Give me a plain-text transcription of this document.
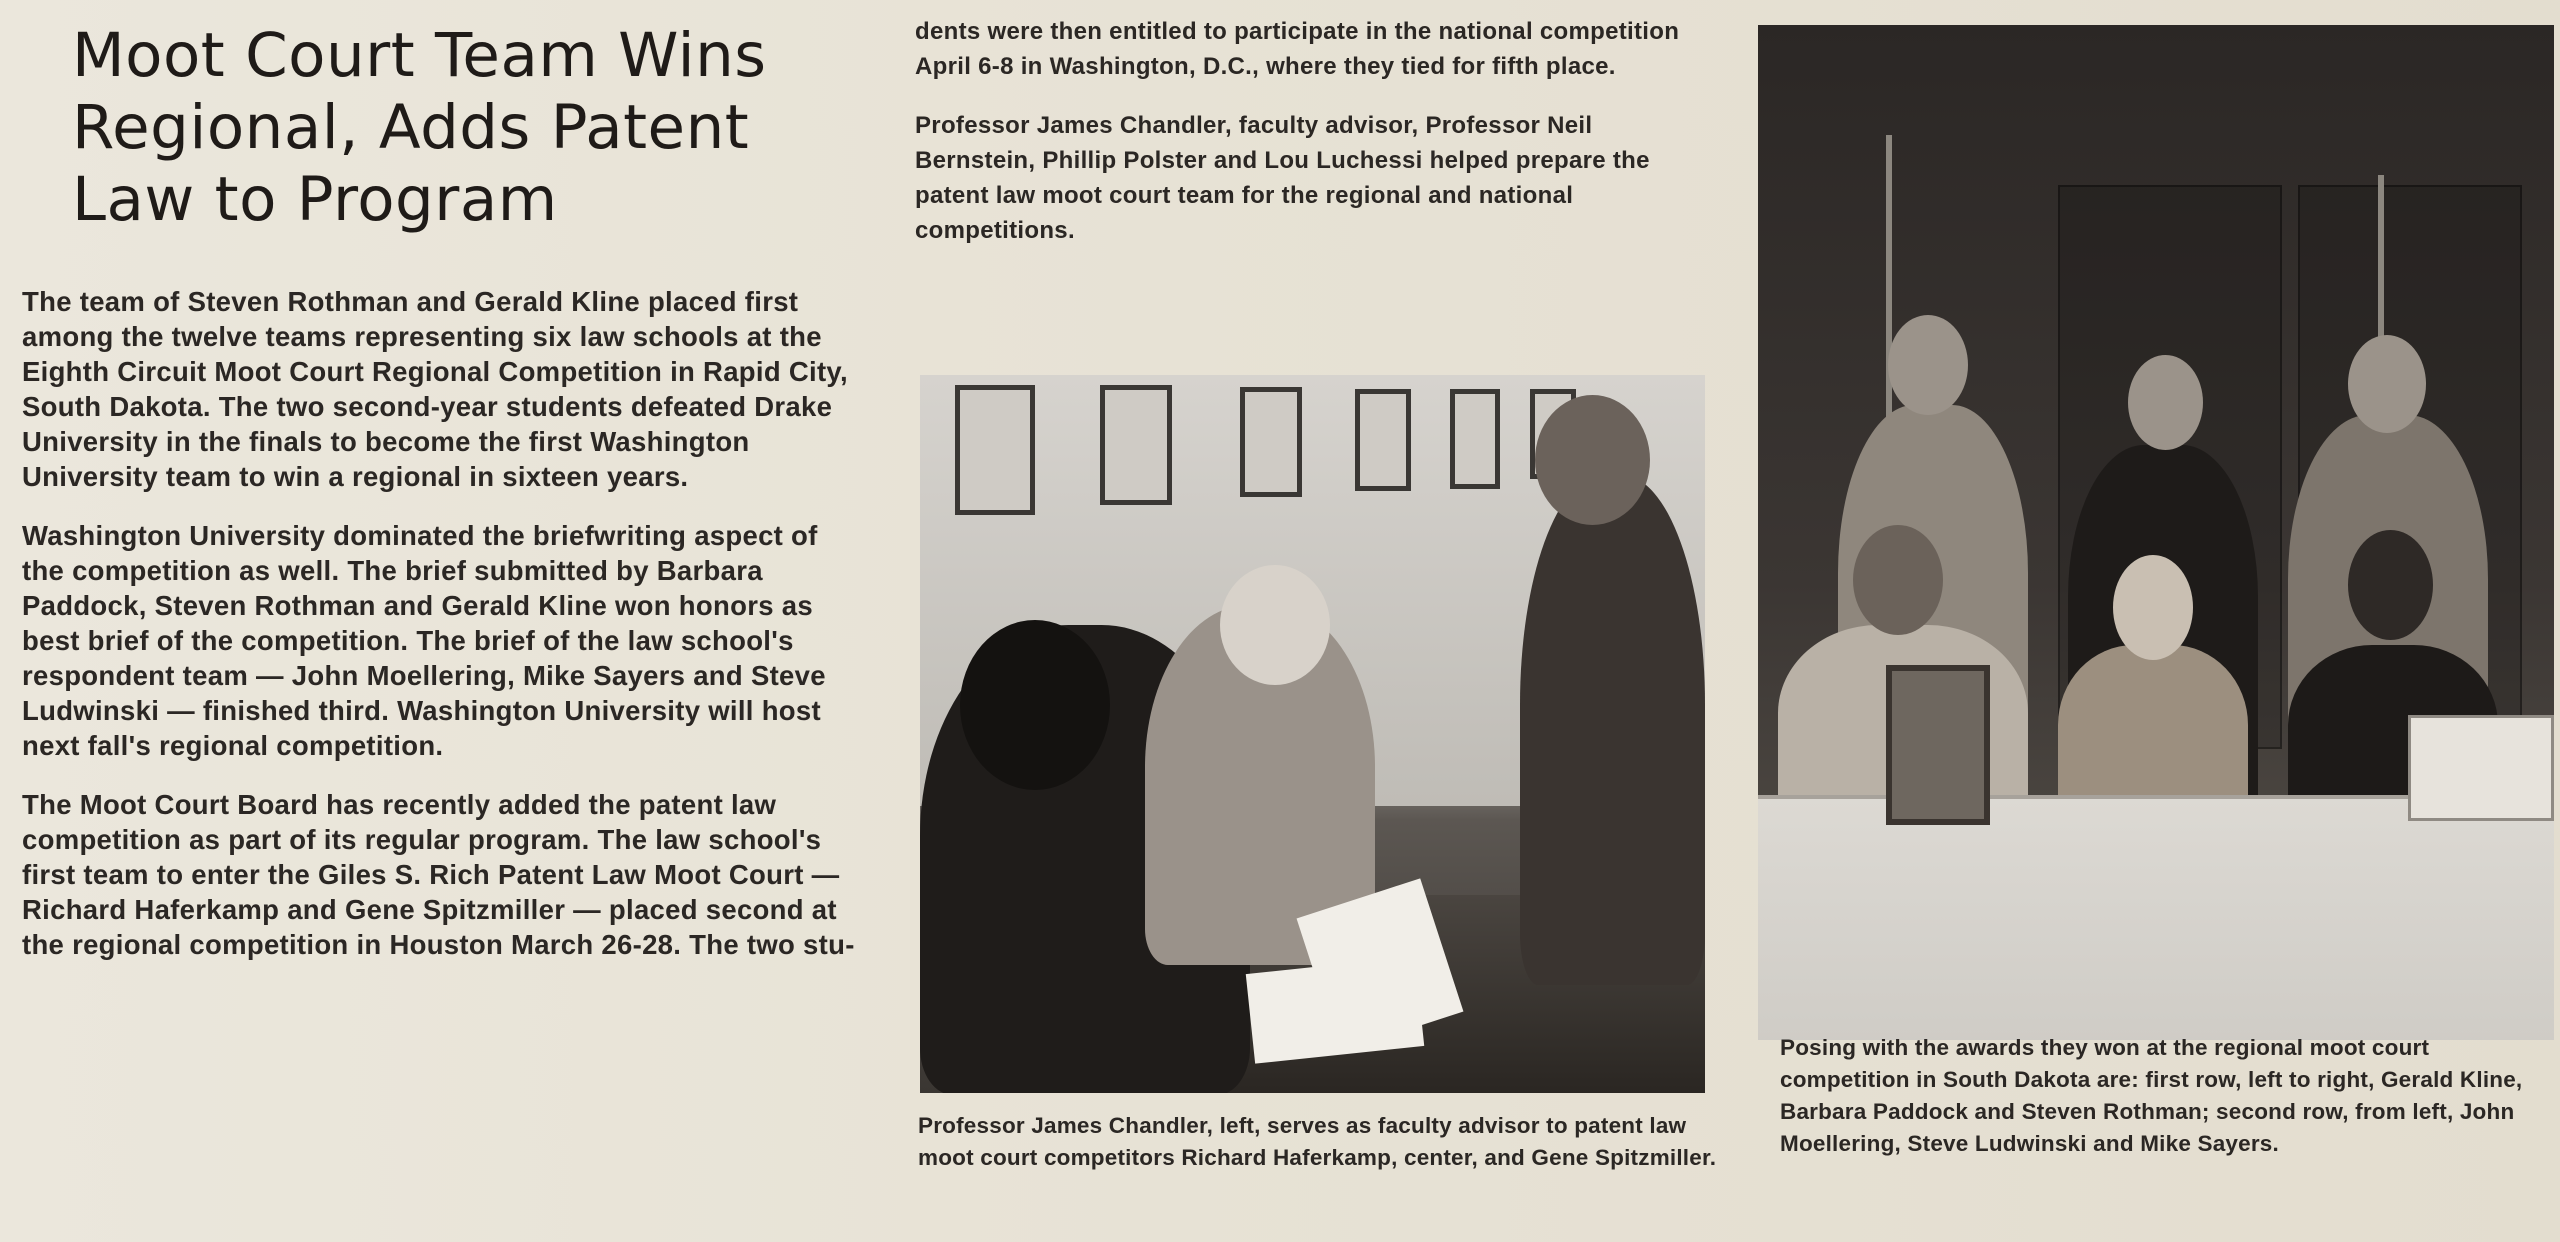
Moot Court Team Wins Regional, Adds Patent Law to Program

The team of Steven Rothman and Gerald Kline placed first among the twelve teams representing six law schools at the Eighth Circuit Moot Court Regional Competition in Rapid City, South Dakota. The two second-year students defeated Drake University in the finals to become the first Washington University team to win a regional in sixteen years.

Washington University dominated the briefwriting aspect of the competition as well. The brief submitted by Barbara Paddock, Steven Rothman and Gerald Kline won honors as best brief of the competition. The brief of the law school's respondent team — John Moellering, Mike Sayers and Steve Ludwinski — finished third. Washington University will host next fall's regional competition.

The Moot Court Board has recently added the patent law competition as part of its regular program. The law school's first team to enter the Giles S. Rich Patent Law Moot Court — Richard Haferkamp and Gene Spitzmiller — placed second at the regional competition in Houston March 26-28. The two stu-

dents were then entitled to participate in the national competition April 6-8 in Washington, D.C., where they tied for fifth place.

Professor James Chandler, faculty advisor, Professor Neil Bernstein, Phillip Polster and Lou Luchessi helped prepare the patent law moot court team for the regional and national competitions.

Professor James Chandler, left, serves as faculty advisor to patent law moot court competitors Richard Haferkamp, center, and Gene Spitzmiller.

Posing with the awards they won at the regional moot court competition in South Dakota are: first row, left to right, Gerald Kline, Barbara Paddock and Steven Rothman; second row, from left, John Moellering, Steve Ludwinski and Mike Sayers.
